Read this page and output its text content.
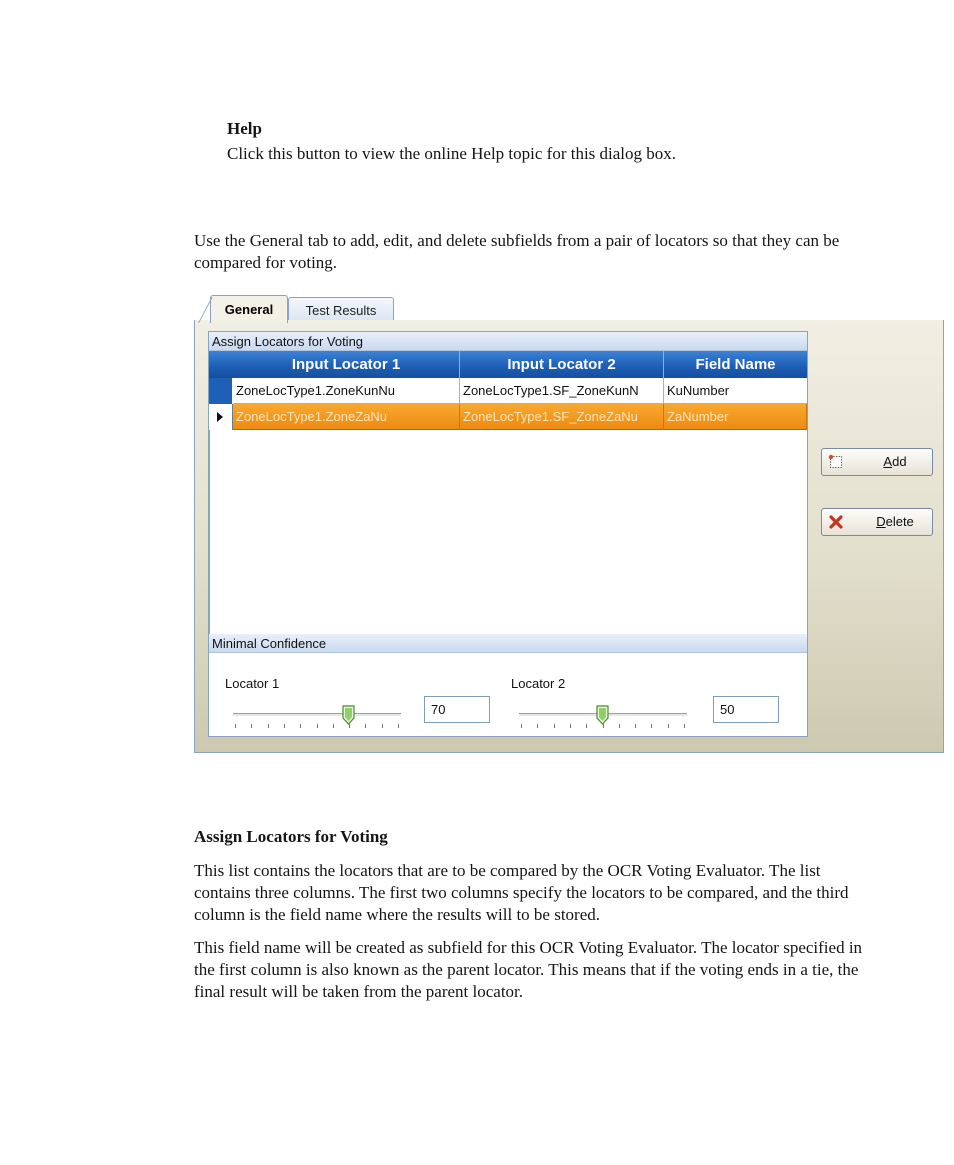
Help
Click this button to view the online Help topic for this dialog box.
Use the General tab to add, edit, and delete subfields from a pair of locators so that they can be compared for voting.
General	Test Results
Assign Locators for Voting
Input Locator 1	Input Locator 2	Field Name
ZoneLocType1.ZoneKunNu	ZoneLocType1.SF_ZoneKunN	KuNumber
ZoneLocType1.ZoneZaNu	ZoneLocType1.SF_ZoneZaNu	ZaNumber
Minimal Confidence
Locator 1
70
Locator 2
50
Add
Delete
Assign Locators for Voting
This list contains the locators that are to be compared by the OCR Voting Evaluator. The list contains three columns. The first two columns specify the locators to be compared, and the third column is the field name where the results will to be stored.
This field name will be created as subfield for this OCR Voting Evaluator. The locator specified in the first column is also known as the parent locator. This means that if the voting ends in a tie, the final result will be taken from the parent locator.
